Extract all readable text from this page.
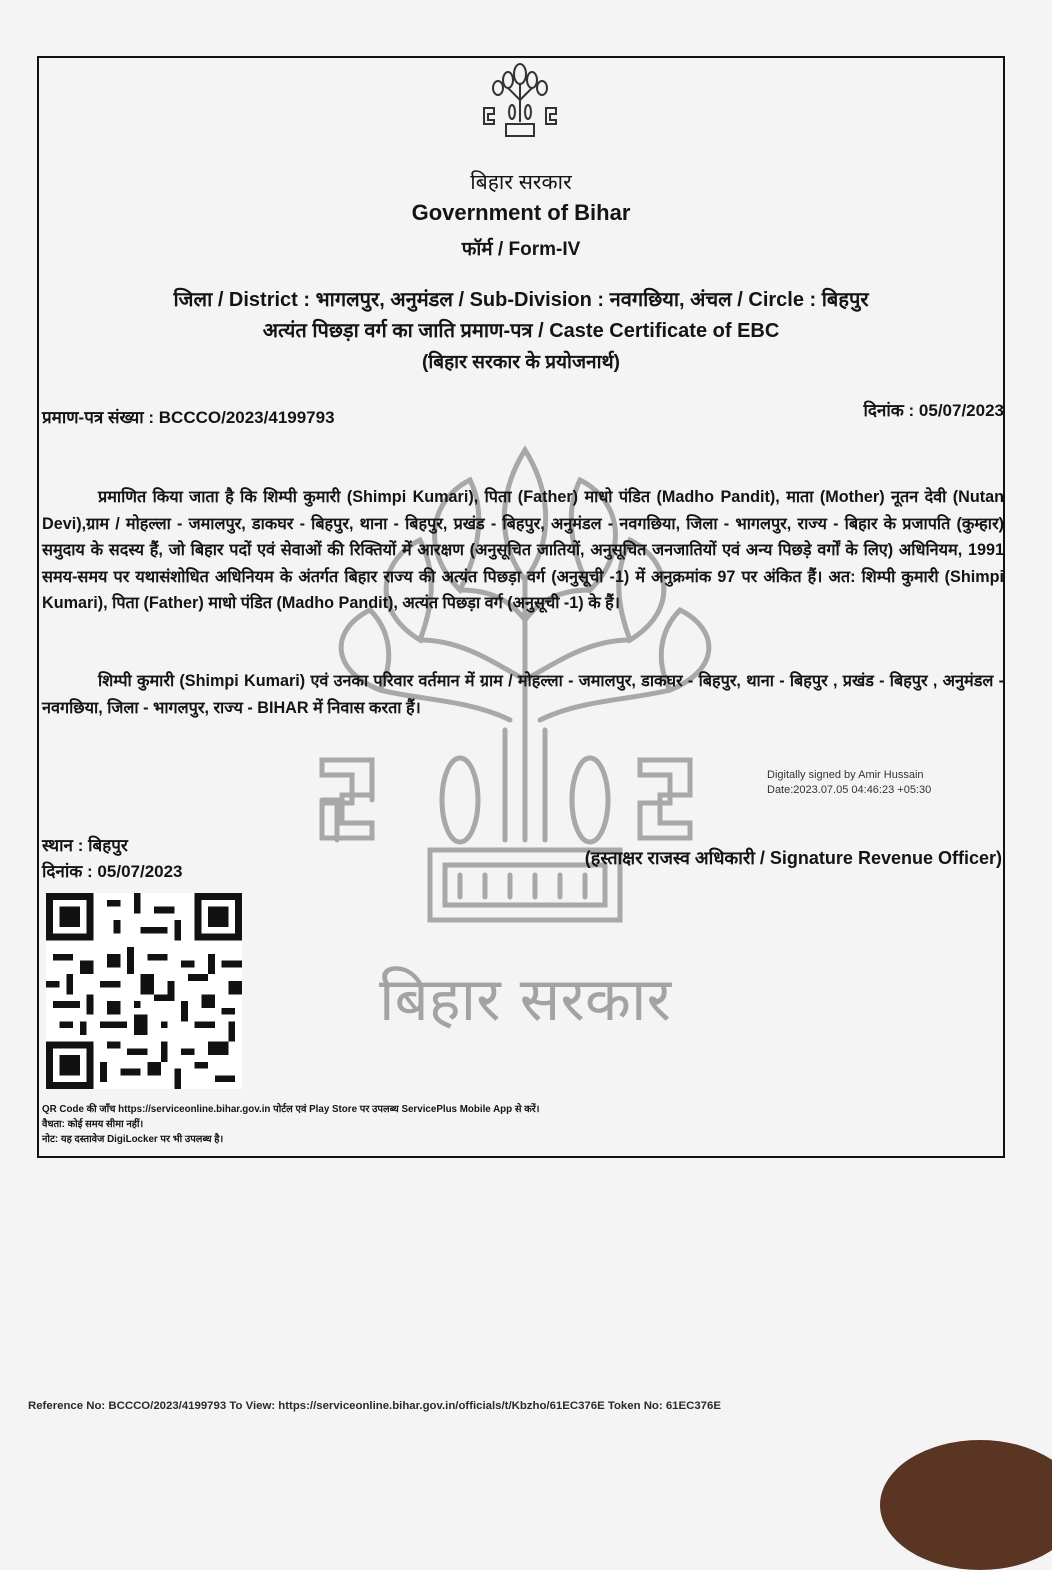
बिहार सरकार
बिहार सरकार
Government of Bihar
फॉर्म / Form-IV
जिला / District : भागलपुर, अनुमंडल / Sub-Division : नवगछिया, अंचल / Circle : बिहपुर
अत्यंत पिछड़ा वर्ग का जाति प्रमाण-पत्र / Caste Certificate of EBC
(बिहार सरकार के प्रयोजनार्थ)
प्रमाण-पत्र संख्या : BCCCO/2023/4199793	दिनांक : 05/07/2023

प्रमाणित किया जाता है कि शिम्पी कुमारी (Shimpi Kumari), पिता (Father) माधो पंडित (Madho Pandit), माता (Mother) नूतन देवी (Nutan Devi),ग्राम / मोहल्ला - जमालपुर, डाकघर - बिहपुर, थाना - बिहपुर, प्रखंड - बिहपुर, अनुमंडल - नवगछिया, जिला - भागलपुर, राज्य - बिहार के प्रजापति (कुम्हार) समुदाय के सदस्य हैं, जो बिहार पदों एवं सेवाओं की रिक्तियों में आरक्षण (अनुसूचित जातियों, अनुसूचित जनजातियों एवं अन्य पिछड़े वर्गों के लिए) अधिनियम, 1991 समय-समय पर यथासंशोधित अधिनियम के अंतर्गत बिहार राज्य की अत्यंत पिछड़ा वर्ग (अनुसूची -1) में अनुक्रमांक 97 पर अंकित हैं। अत: शिम्पी कुमारी (Shimpi Kumari), पिता (Father) माधो पंडित (Madho Pandit), अत्यंत पिछड़ा वर्ग (अनुसूची -1) के हैं।

शिम्पी कुमारी (Shimpi Kumari) एवं उनका परिवार वर्तमान में ग्राम / मोहल्ला - जमालपुर, डाकघर - बिहपुर, थाना - बिहपुर , प्रखंड - बिहपुर , अनुमंडल - नवगछिया, जिला - भागलपुर, राज्य - BIHAR में निवास करता हैं।

Digitally signed by Amir Hussain
Date:2023.07.05 04:46:23 +05:30
स्थान : बिहपुर
दिनांक : 05/07/2023
(हस्ताक्षर राजस्व अधिकारी / Signature Revenue Officer)
QR Code की जाँच https://serviceonline.bihar.gov.in पोर्टल एवं Play Store पर उपलब्ध ServicePlus Mobile App से करें।
वैधता: कोई समय सीमा नहीं।
नोट: यह दस्तावेज DigiLocker पर भी उपलब्ध है।
Reference No: BCCCO/2023/4199793 To View: https://serviceonline.bihar.gov.in/officials/t/Kbzho/61EC376E Token No: 61EC376E
